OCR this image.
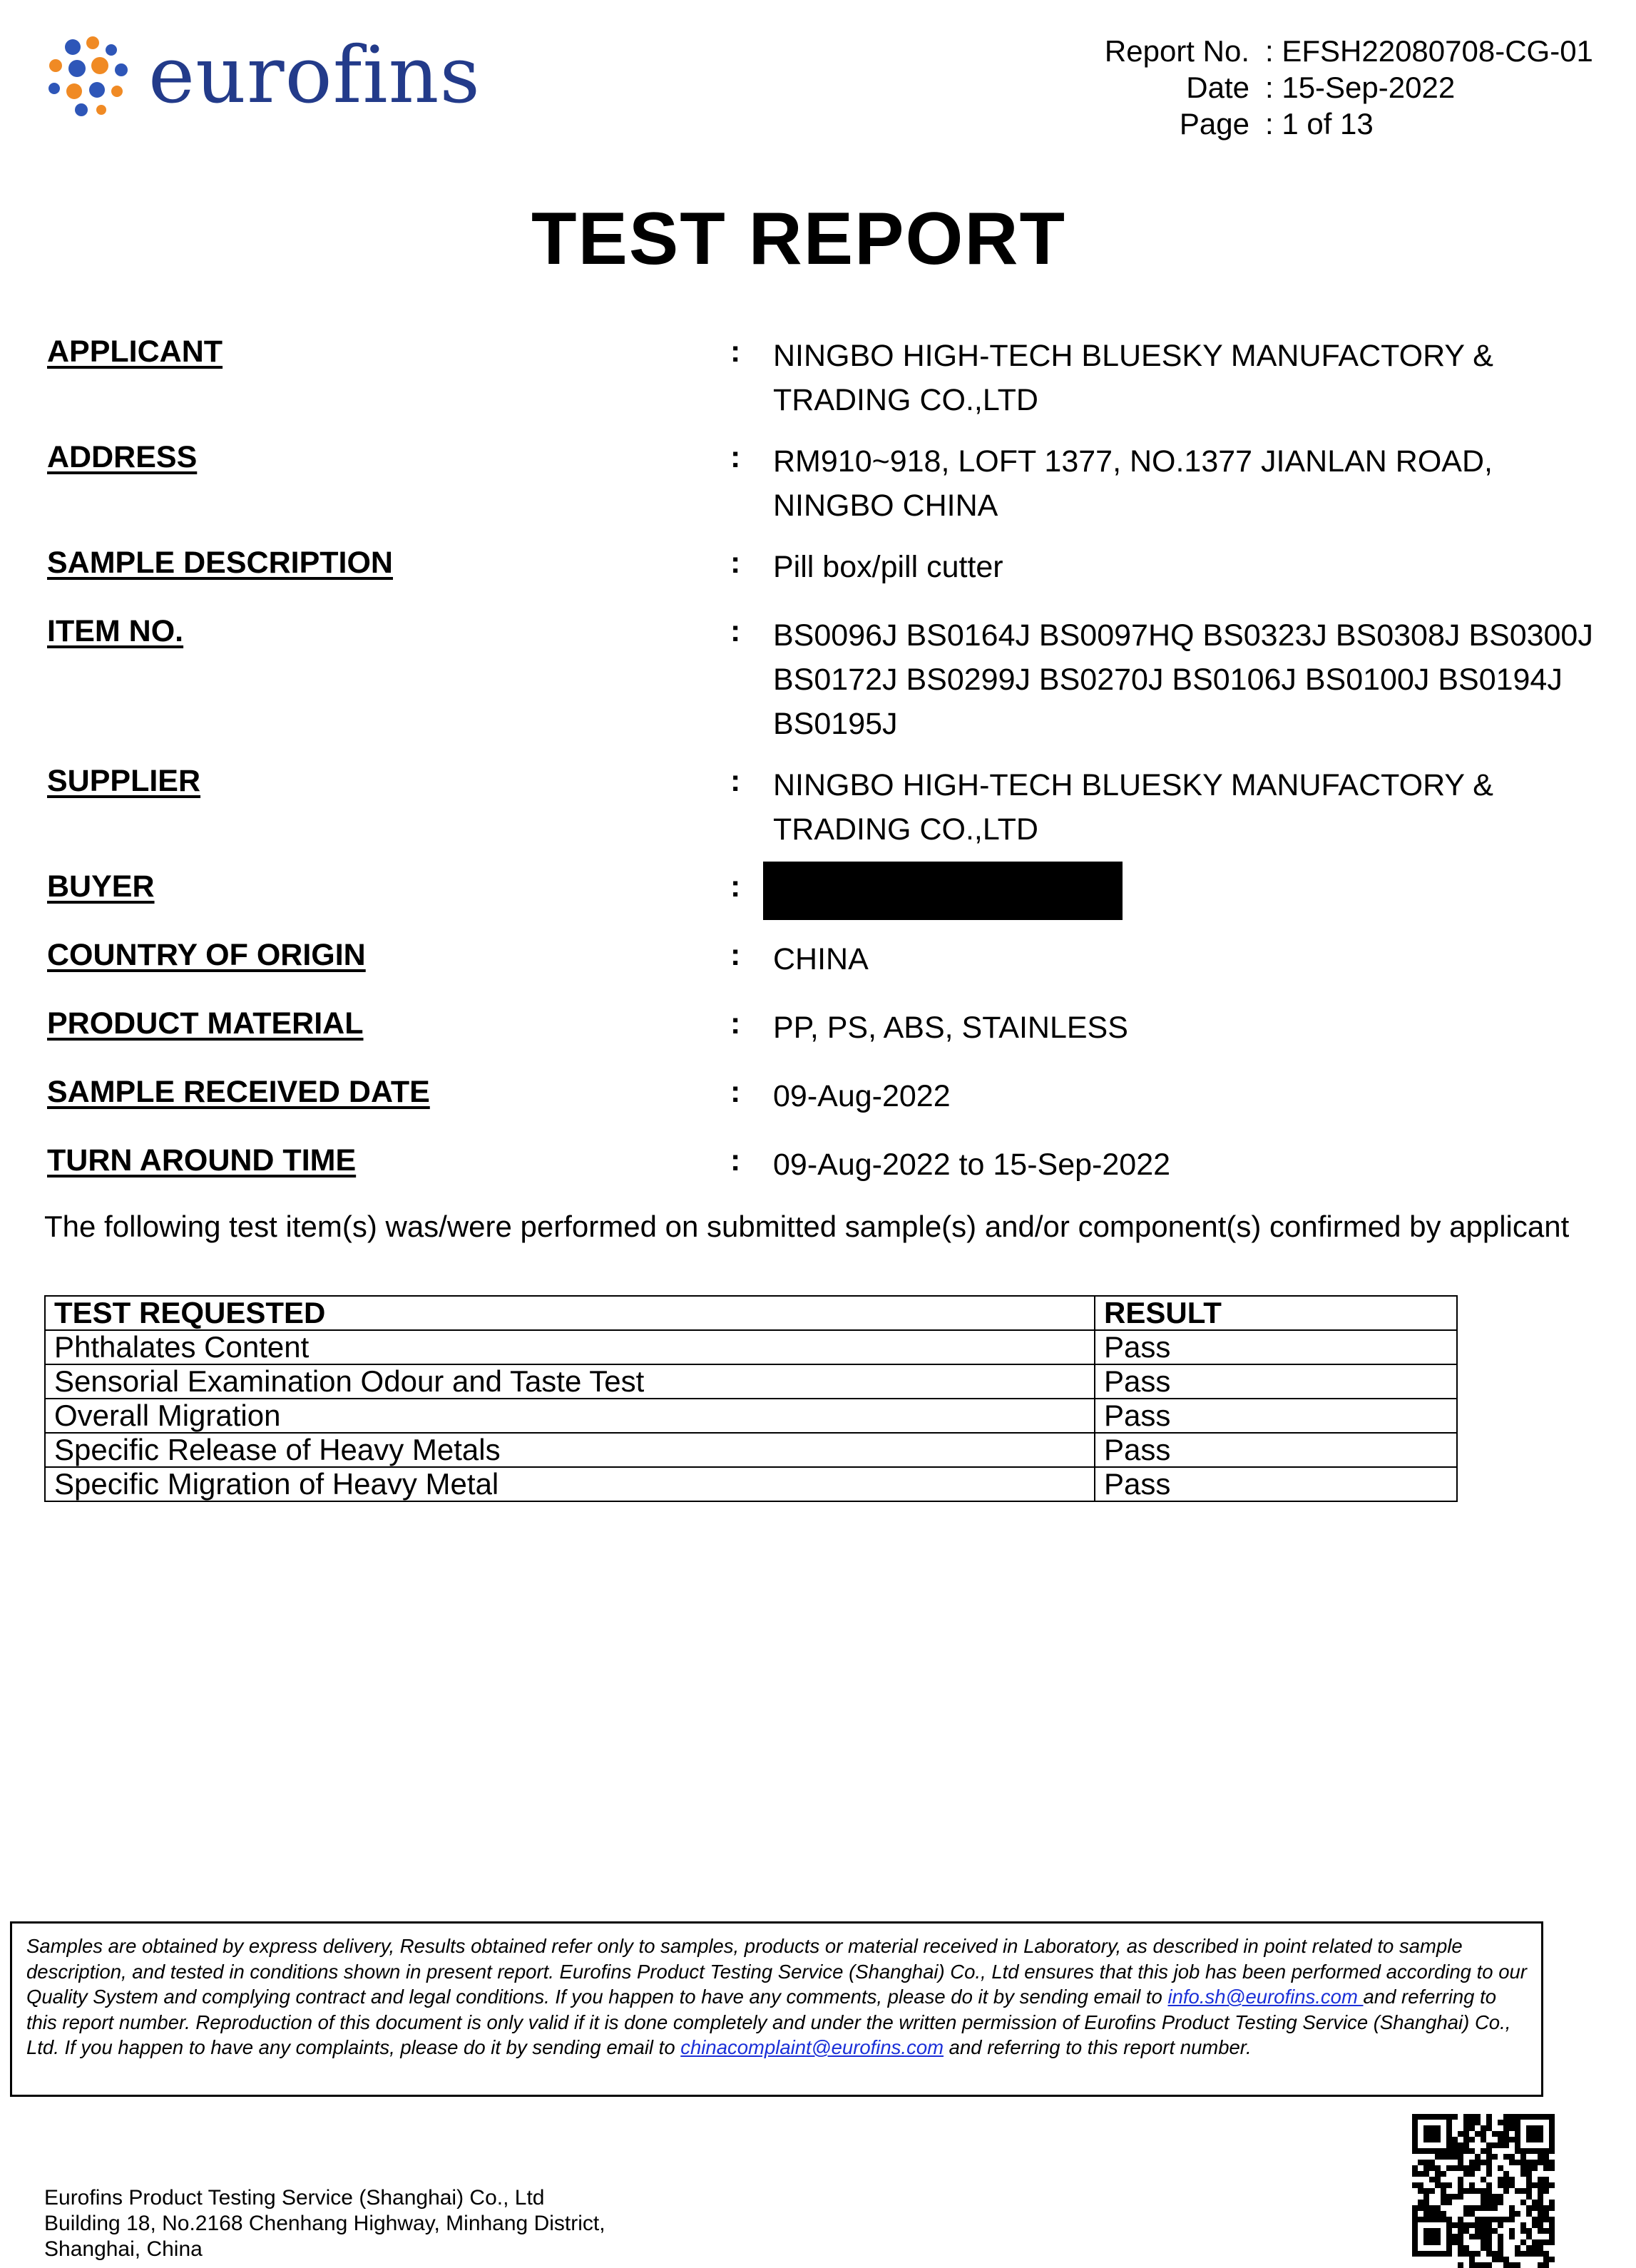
eurofins	Report No. : EFSH22080708-CG-01
Date : 15-Sep-2022
Page : 1 of 13
TEST REPORT
APPLICANT	:	NINGBO HIGH-TECH BLUESKY MANUFACTORY &
TRADING CO.,LTD
ADDRESS	:	RM910~918, LOFT 1377, NO.1377 JIANLAN ROAD,
NINGBO CHINA
SAMPLE DESCRIPTION	:	Pill box/pill cutter
ITEM NO.	:	BS0096J BS0164J BS0097HQ BS0323J BS0308J BS0300J
BS0172J BS0299J BS0270J BS0106J BS0100J BS0194J
BS0195J
SUPPLIER	:	NINGBO HIGH-TECH BLUESKY MANUFACTORY &
TRADING CO.,LTD
BUYER	:
COUNTRY OF ORIGIN	:	CHINA
PRODUCT MATERIAL	:	PP, PS, ABS, STAINLESS
SAMPLE RECEIVED DATE	:	09-Aug-2022
TURN AROUND TIME	:	09-Aug-2022 to 15-Sep-2022
The following test item(s) was/were performed on submitted sample(s) and/or component(s) confirmed by applicant
TEST REQUESTED	RESULT
Phthalates Content	Pass
Sensorial Examination Odour and Taste Test	Pass
Overall Migration	Pass
Specific Release of Heavy Metals	Pass
Specific Migration of Heavy Metal	Pass
Samples are obtained by express delivery, Results obtained refer only to samples, products or material received in Laboratory, as described in point related to sample description, and tested in conditions shown in present report. Eurofins Product Testing Service (Shanghai) Co., Ltd ensures that this job has been performed according to our Quality System and complying contract and legal conditions. If you happen to have any comments, please do it by sending email to info.sh@eurofins.com and referring to this report number. Reproduction of this document is only valid if it is done completely and under the written permission of Eurofins Product Testing Service (Shanghai) Co., Ltd. If you happen to have any complaints, please do it by sending email to chinacomplaint@eurofins.com and referring to this report number.
Eurofins Product Testing Service (Shanghai) Co., Ltd
Building 18, No.2168 Chenhang Highway, Minhang District,
Shanghai, China
